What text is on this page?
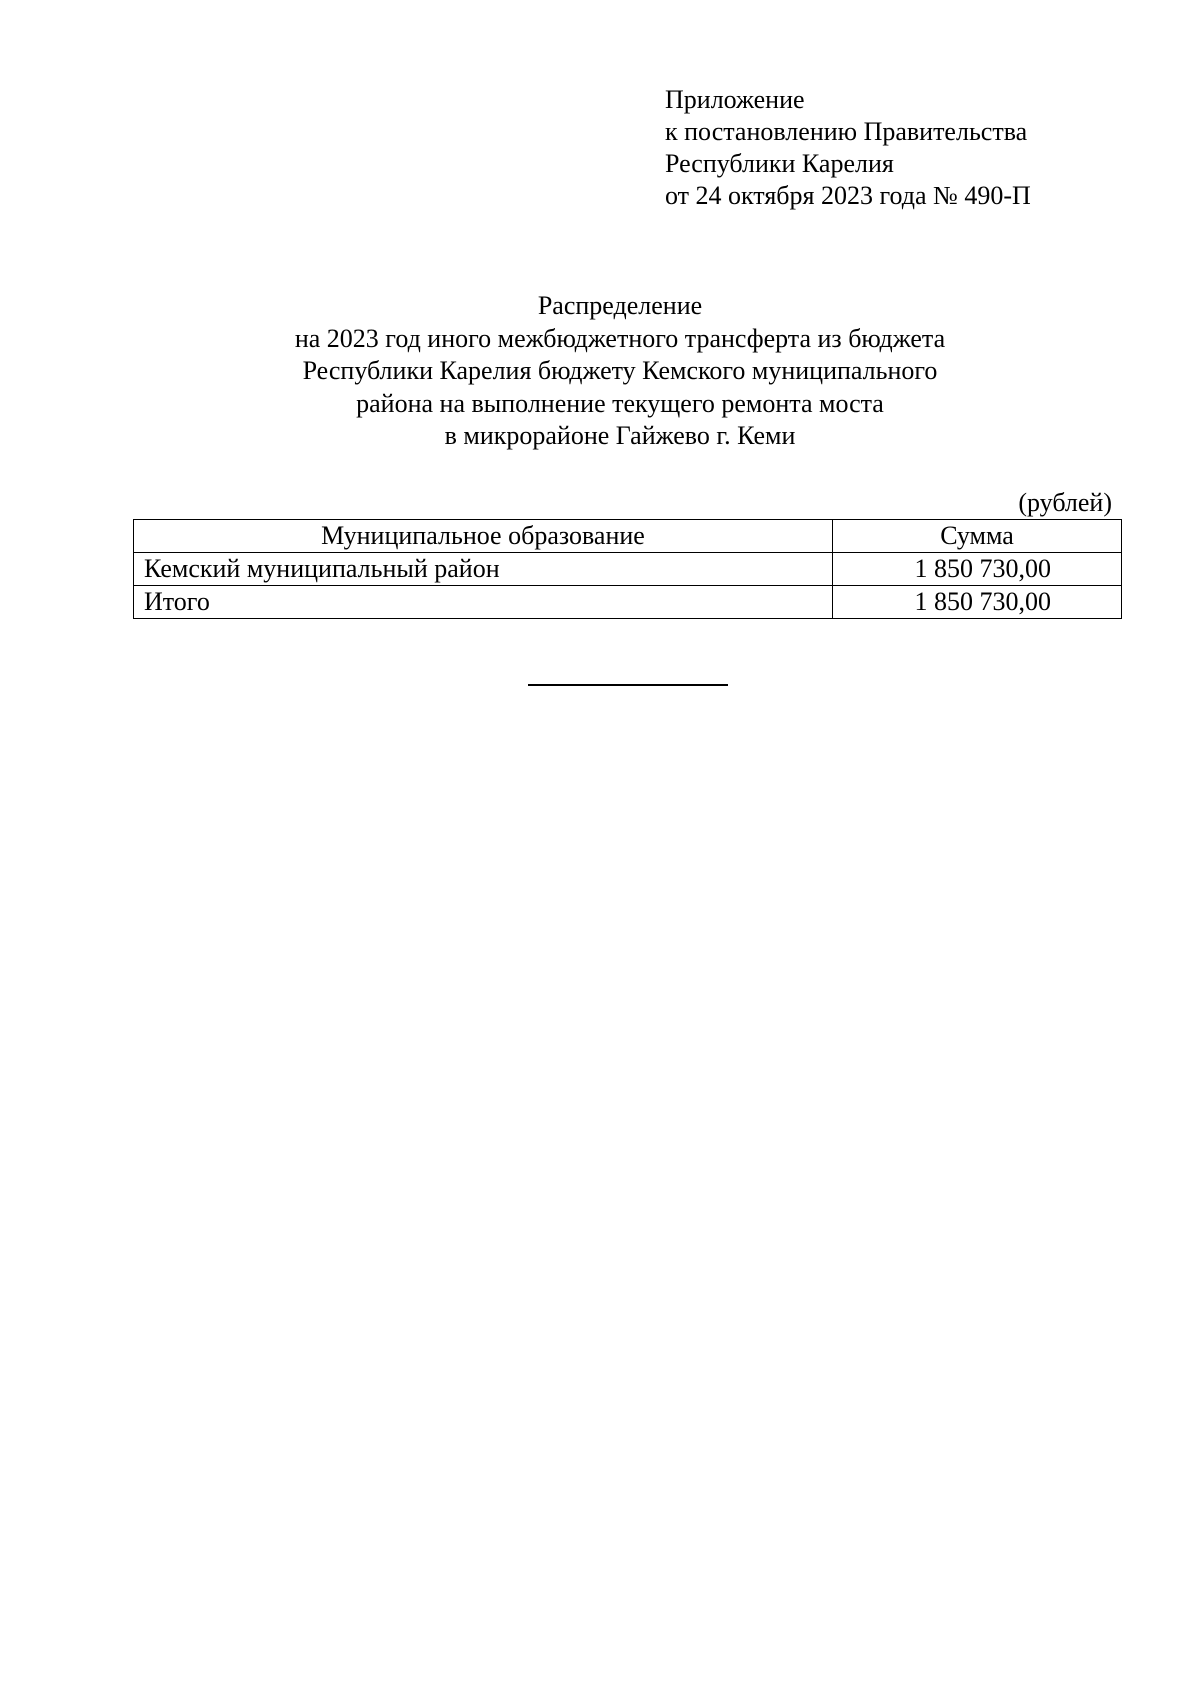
Приложение
к постановлению Правительства
Республики Карелия
от 24 октября 2023 года № 490-П
Распределение
на 2023 год иного межбюджетного трансферта из бюджета
Республики Карелия бюджету Кемского муниципального
района на выполнение текущего ремонта моста
в микрорайоне Гайжево г. Кеми
(рублей)
Муниципальное образование	Сумма
Кемский муниципальный район	1 850 730,00
Итого	1 850 730,00
